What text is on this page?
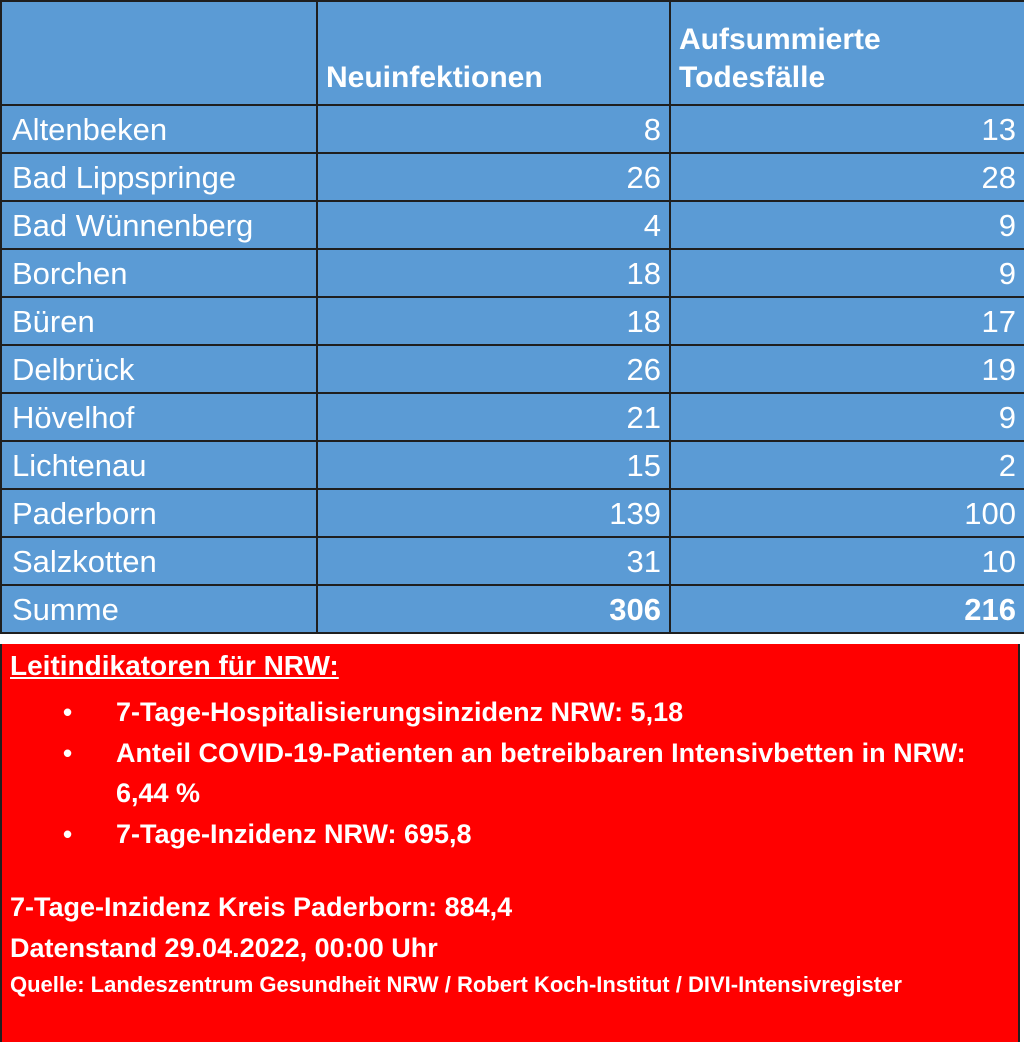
	Neuinfektionen	Aufsummierte Todesfälle
Altenbeken	8	13
Bad Lippspringe	26	28
Bad Wünnenberg	4	9
Borchen	18	9
Büren	18	17
Delbrück	26	19
Hövelhof	21	9
Lichtenau	15	2
Paderborn	139	100
Salzkotten	31	10
Summe	306	216
Leitindikatoren für NRW:
• 7-Tage-Hospitalisierungsinzidenz NRW: 5,18
• Anteil COVID-19-Patienten an betreibbaren Intensivbetten in NRW: 6,44 %
• 7-Tage-Inzidenz NRW: 695,8
7-Tage-Inzidenz Kreis Paderborn: 884,4
Datenstand 29.04.2022, 00:00 Uhr
Quelle: Landeszentrum Gesundheit NRW / Robert Koch-Institut / DIVI-Intensivregister
